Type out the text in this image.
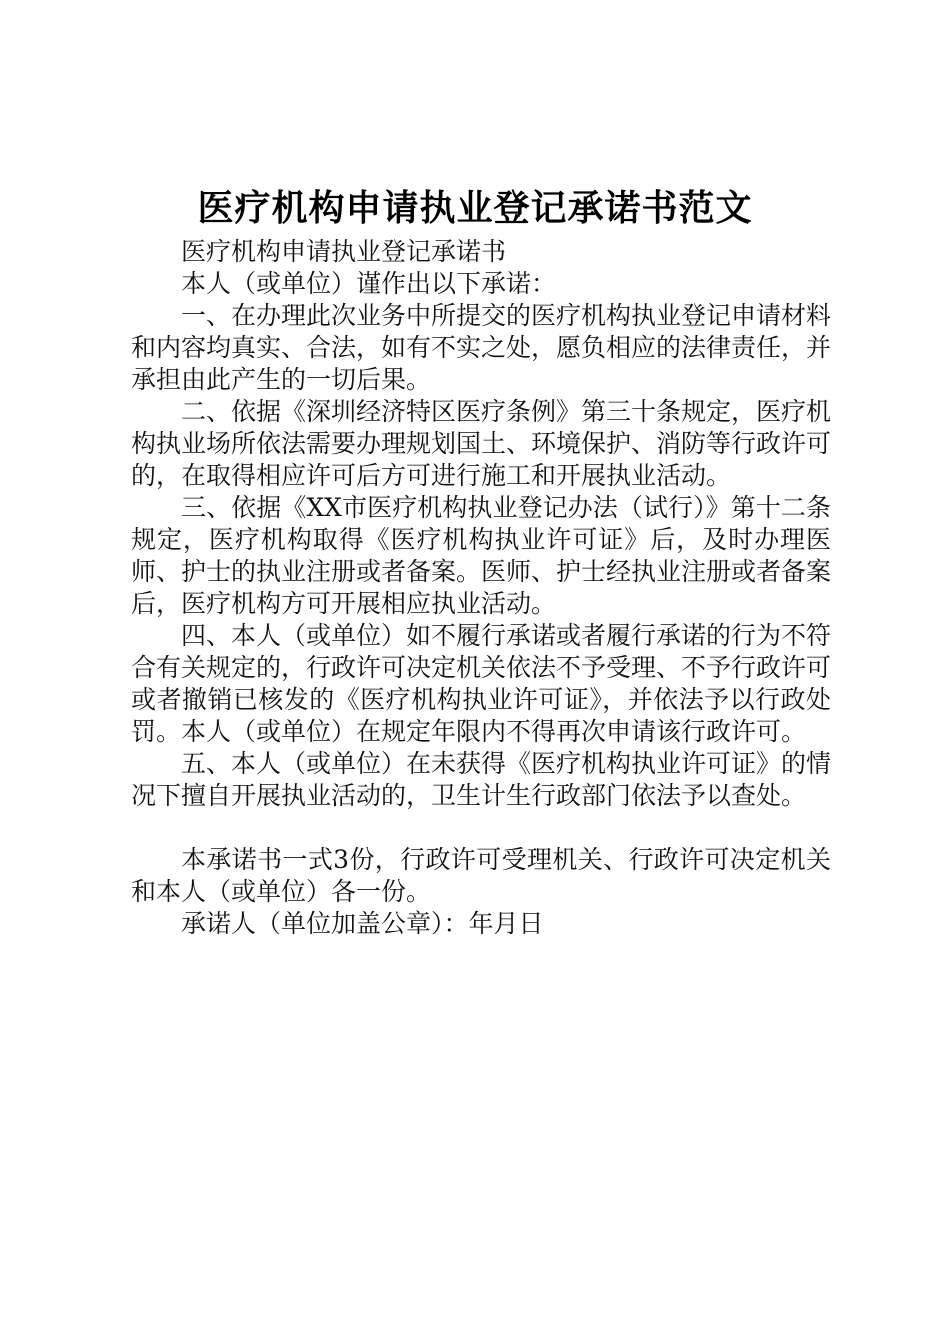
医疗机构申请执业登记承诺书范文

医疗机构申请执业登记承诺书

本人（或单位）谨作出以下承诺：

一、在办理此次业务中所提交的医疗机构执业登记申请材料和内容均真实、合法，如有不实之处，愿负相应的法律责任，并承担由此产生的一切后果。

二、依据《深圳经济特区医疗条例》第三十条规定，医疗机构执业场所依法需要办理规划国土、环境保护、消防等行政许可的，在取得相应许可后方可进行施工和开展执业活动。

三、依据《XX市医疗机构执业登记办法（试行）》第十二条规定，医疗机构取得《医疗机构执业许可证》后，及时办理医师、护士的执业注册或者备案。医师、护士经执业注册或者备案后，医疗机构方可开展相应执业活动。

四、本人（或单位）如不履行承诺或者履行承诺的行为不符合有关规定的，行政许可决定机关依法不予受理、不予行政许可或者撤销已核发的《医疗机构执业许可证》，并依法予以行政处罚。本人（或单位）在规定年限内不得再次申请该行政许可。

五、本人（或单位）在未获得《医疗机构执业许可证》的情况下擅自开展执业活动的，卫生计生行政部门依法予以查处。

本承诺书一式3份，行政许可受理机关、行政许可决定机关和本人（或单位）各一份。

承诺人（单位加盖公章）：年月日
